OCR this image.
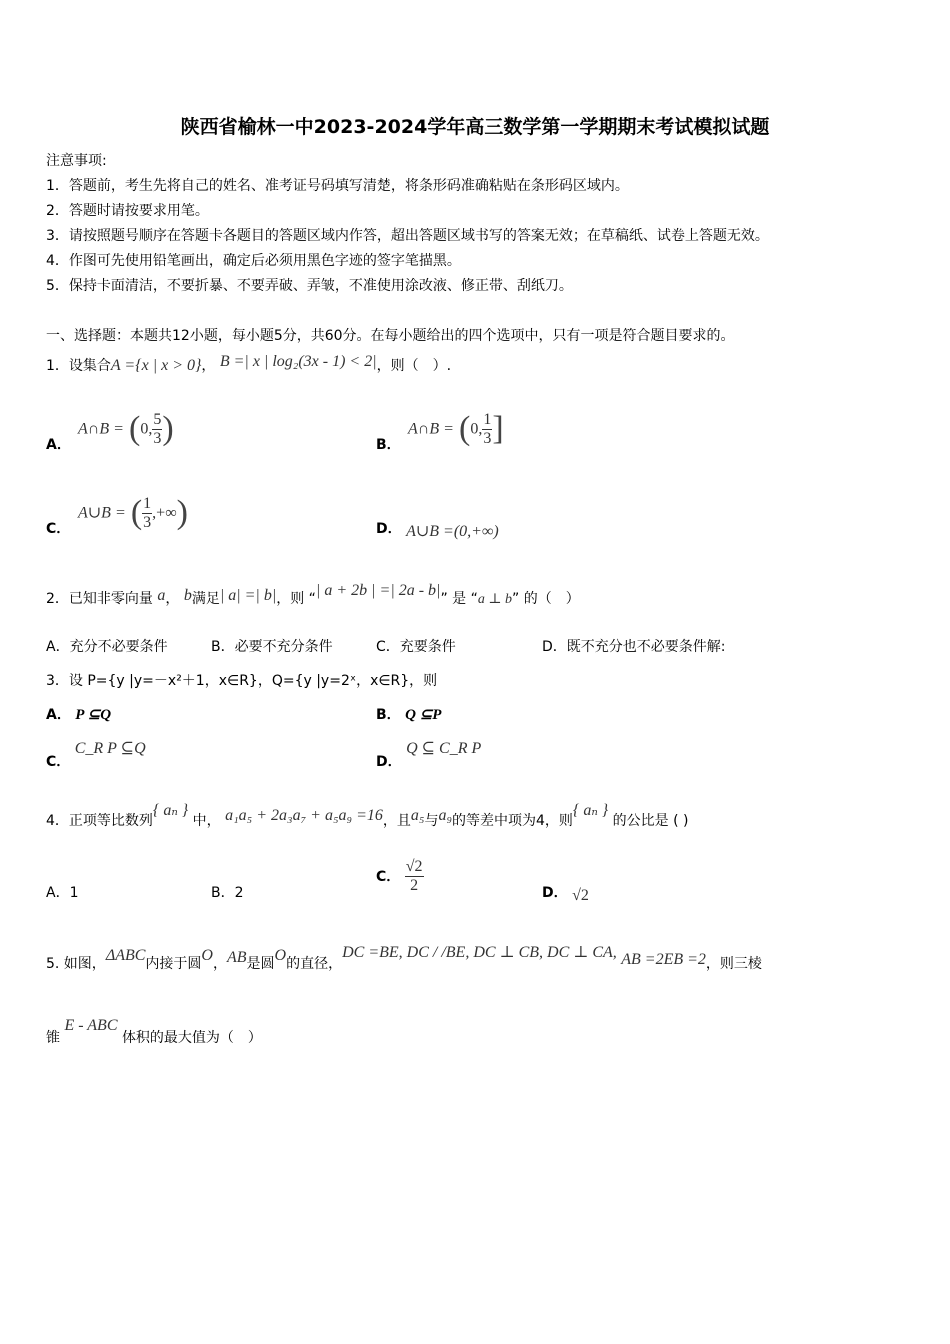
陕西省榆林一中2023-2024学年高三数学第一学期期末考试模拟试题
注意事项:
1．答题前，考生先将自己的姓名、准考证号码填写清楚，将条形码准确粘贴在条形码区域内。
2．答题时请按要求用笔。
3．请按照题号顺序在答题卡各题目的答题区域内作答，超出答题区域书写的答案无效；在草稿纸、试卷上答题无效。
4．作图可先使用铅笔画出，确定后必须用黑色字迹的签字笔描黑。
5．保持卡面清洁，不要折暴、不要弄破、弄皱，不准使用涂改液、修正带、刮纸刀。
一、选择题：本题共12小题，每小题5分，共60分。在每小题给出的四个选项中，只有一项是符合题目要求的。
1．设集合A ={x | x > 0}， B =| x | log₂(3x - 1) < 2|，则（　）.
A．
A∩B = (0, $\frac{5}{3}$ )	B．
A∩B = (0, $\frac{1}{3}$ ]
C．
A∪B = ( $\frac{1}{3}$ ,+∞)	D． A∪B =(0,+∞)
2．已知非零向量 a， b满足| a| =| b|，则 “| a + 2b | =| 2a - b|” 是 “a ⊥ b” 的（　）
A．充分不必要条件	B．必要不充分条件	C．充要条件	D．既不充分也不必要条件解:
3．设 P={y |y=－x²＋1，x∈R}，Q={y |y=2ˣ，x∈R}，则
A． P ⊆Q	B． Q ⊆P
C． C_R P ⊆Q
D． Q ⊆ C_R P
4．正项等比数列{ aₙ } 中， a₁a₅ + 2a₃a₇ + a₅a₉ =16，且a₅与a₉的等差中项为4，则{ aₙ } 的公比是 ( )
A．1	B．2
C． $\frac{√2}{2}$	D． √2
5. 如图，ΔABC内接于圆O，AB是圆O的直径，DC =BE, DC / /BE, DC ⊥ CB, DC ⊥ CA, AB =2EB =2，则三棱
锥 E - ABC 体积的最大值为（　）
